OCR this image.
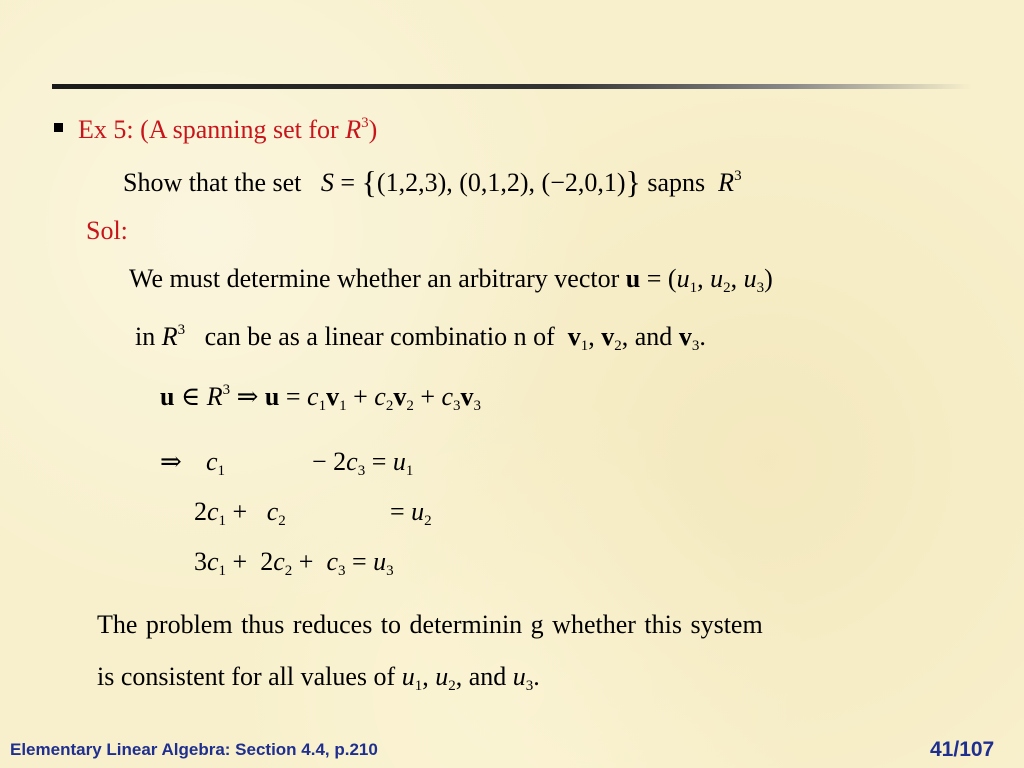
Ex 5: (A spanning set for $R^3$)
Show that the set S = {(1,2,3), (0,1,2), (−2,0,1)} sapns $R^3$
Sol:
We must determine whether an arbitrary vector $u = (u_1$, $u_2$, $u_3$)
in $R^3$ can be as a linear combinatio n of $v_1$, $v_2$, and $v_3$.
u ∈ $R^3$ ⇒ $u = c_1v_1 + c_2v_2 + c_3v_3$
⇒ $c_1$	− $2c_3 = u_1$
$2c_1 + c_2$	= $u_2$
$3c_1 + 2c_2 + c_3 = u_3$
The problem thus reduces to determinin g whether this system
is consistent for all values of $u_1$, $u_2$, and $u_3$.
Elementary Linear Algebra: Section 4.4, p.210	41/107
